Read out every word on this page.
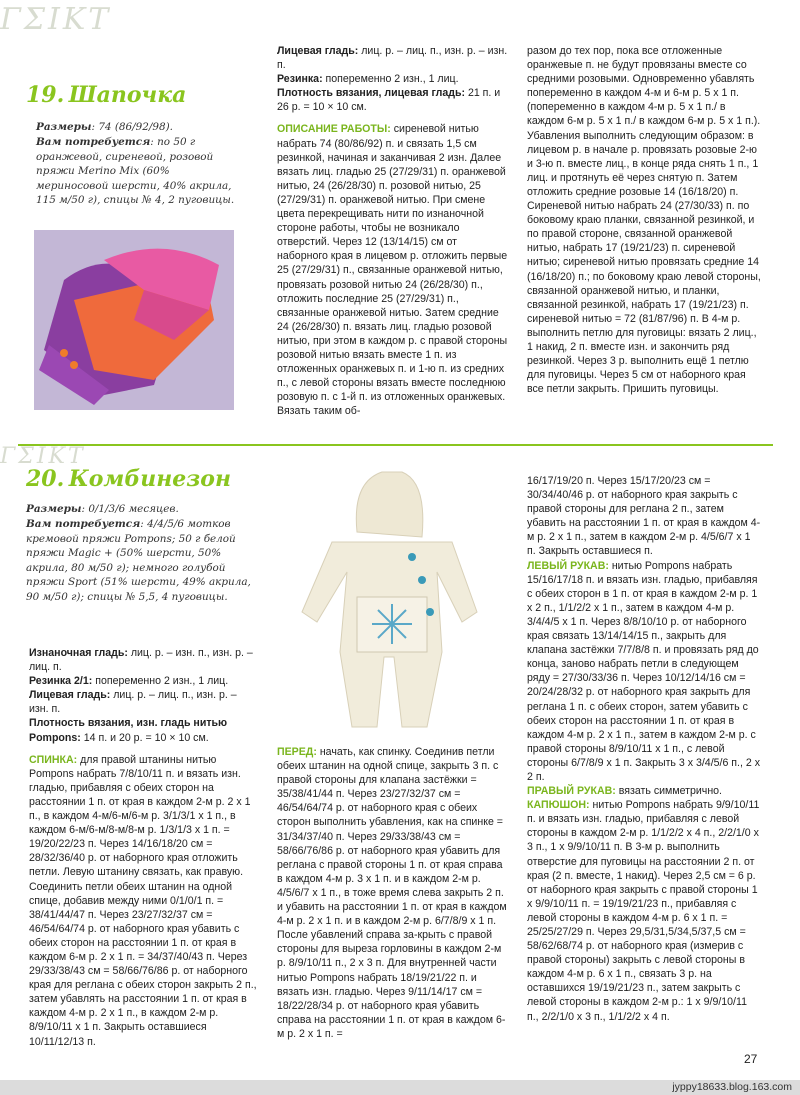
ΓΣΙΚΤ
19. Шапочка

Размеры: 74 (86/92/98).
Вам потребуется: по 50 г оранжевой, сиреневой, розовой пряжи Merino Mix (60% мериносовой шерсти, 40% акрила, 115 м/50 г), спицы № 4, 2 пуговицы.

Лицевая гладь: лиц. р. – лиц. п., изн. р. – изн. п.

Резинка: попеременно 2 изн., 1 лиц.

Плотность вязания, лицевая гладь: 21 п. и 26 р. = 10 × 10 см.

ОПИСАНИЕ РАБОТЫ: сиреневой нитью набрать 74 (80/86/92) п. и связать 1,5 см резинкой, начиная и заканчивая 2 изн. Далее вязать лиц. гладью 25 (27/29/31) п. оранжевой нитью, 24 (26/28/30) п. розовой нитью, 25 (27/29/31) п. оранжевой нитью. При смене цвета перекрещивать нити по изнаночной стороне работы, чтобы не возникало отверстий. Через 12 (13/14/15) см от наборного края в лицевом р. отложить первые 25 (27/29/31) п., связанные оранжевой нитью, провязать розовой нитью 24 (26/28/30) п., отложить последние 25 (27/29/31) п., связанные оранжевой нитью. Затем средние 24 (26/28/30) п. вязать лиц. гладью розовой нитью, при этом в каждом р. с правой стороны розовой нитью вязать вместе 1 п. из отложенных оранжевых п. и 1-ю п. из средних п., с левой стороны вязать вместе последнюю розовую п. с 1-й п. из отложенных оранжевых. Вязать таким об-

разом до тех пор, пока все отложенные оранжевые п. не будут провязаны вместе со средними розовыми. Одновременно убавлять попеременно в каждом 4-м и 6-м р. 5 х 1 п. (попеременно в каждом 4-м р. 5 х 1 п./ в каждом 6-м р. 5 х 1 п./ в каждом 6-м р. 5 х 1 п.). Убавления выполнить следующим образом: в лицевом р. в начале р. провязать розовые 2-ю и 3-ю п. вместе лиц., в конце ряда снять 1 п., 1 лиц. и протянуть её через снятую п. Затем отложить средние розовые 14 (16/18/20) п. Сиреневой нитью набрать 24 (27/30/33) п. по боковому краю планки, связанной резинкой, и по правой стороне, связанной оранжевой нитью, набрать 17 (19/21/23) п. сиреневой нитью; сиреневой нитью провязать средние 14 (16/18/20) п.; по боковому краю левой стороны, связанной оранжевой нитью, и планки, связанной резинкой, набрать 17 (19/21/23) п. сиреневой нитью = 72 (81/87/96) п. В 4-м р. выполнить петлю для пуговицы: вязать 2 лиц., 1 накид, 2 п. вместе изн. и закончить ряд резинкой. Через 3 р. выполнить ещё 1 петлю для пуговицы. Через 5 см от наборного края все петли закрыть. Пришить пуговицы.

ΓΣΙΚΤ
20. Комбинезон

Размеры: 0/1/3/6 месяцев.
Вам потребуется: 4/4/5/6 мотков кремовой пряжи Pompons; 50 г белой пряжи Magic + (50% шерсти, 50% акрила, 80 м/50 г); немного голубой пряжи Sport (51% шерсти, 49% акрила, 90 м/50 г); спицы № 5,5, 4 пуговицы.

Изнаночная гладь: лиц. р. – изн. п., изн. р. – лиц. п.

Резинка 2/1: попеременно 2 изн., 1 лиц.

Лицевая гладь: лиц. р. – лиц. п., изн. р. – изн. п.

Плотность вязания, изн. гладь нитью Pompons: 14 п. и 20 р. = 10 × 10 см.

СПИНКА: для правой штанины нитью Pompons набрать 7/8/10/11 п. и вязать изн. гладью, прибавляя с обеих сторон на расстоянии 1 п. от края в каждом 2-м р. 2 х 1 п., в каждом 4-м/6-м/6-м р. 3/1/3/1 х 1 п., в каждом 6-м/6-м/8-м/8-м р. 1/3/1/3 х 1 п. = 19/20/22/23 п. Через 14/16/18/20 см = 28/32/36/40 р. от наборного края отложить петли. Левую штанину связать, как правую. Соединить петли обеих штанин на одной спице, добавив между ними 0/1/0/1 п. = 38/41/44/47 п. Через 23/27/32/37 см = 46/54/64/74 р. от наборного края убавить с обеих сторон на расстоянии 1 п. от края в каждом 6-м р. 2 х 1 п. = 34/37/40/43 п. Через 29/33/38/43 см = 58/66/76/86 р. от наборного края для реглана с обеих сторон закрыть 2 п., затем убавлять на расстоянии 1 п. от края в каждом 4-м р. 2 х 1 п., в каждом 2-м р. 8/9/10/11 х 1 п. Закрыть оставшиеся 10/11/12/13 п.

ПЕРЕД: начать, как спинку. Соединив петли обеих штанин на одной спице, закрыть 3 п. с правой стороны для клапана застёжки = 35/38/41/44 п. Через 23/27/32/37 см = 46/54/64/74 р. от наборного края с обеих сторон выполнить убавления, как на спинке = 31/34/37/40 п. Через 29/33/38/43 см = 58/66/76/86 р. от наборного края убавить для реглана с правой стороны 1 п. от края справа в каждом 4-м р. 3 х 1 п. и в каждом 2-м р. 4/5/6/7 х 1 п., в тоже время слева закрыть 2 п. и убавить на расстоянии 1 п. от края в каждом 4-м р. 2 х 1 п. и в каждом 2-м р. 6/7/8/9 х 1 п. После убавлений справа за-крыть с правой стороны для выреза горловины в каждом 2-м р. 8/9/10/11 п., 2 х 3 п. Для внутренней части нитью Pompons набрать 18/19/21/22 п. и вязать изн. гладью. Через 9/11/14/17 см = 18/22/28/34 р. от наборного края убавить справа на расстоянии 1 п. от края в каждом 6-м р. 2 х 1 п. =

16/17/19/20 п. Через 15/17/20/23 см = 30/34/40/46 р. от наборного края закрыть с правой стороны для реглана 2 п., затем убавить на расстоянии 1 п. от края в каждом 4-м р. 2 х 1 п., затем в каждом 2-м р. 4/5/6/7 х 1 п. Закрыть оставшиеся п.

ЛЕВЫЙ РУКАВ: нитью Pompons набрать 15/16/17/18 п. и вязать изн. гладью, прибавляя с обеих сторон в 1 п. от края в каждом 2-м р. 1 х 2 п., 1/1/2/2 х 1 п., затем в каждом 4-м р. 3/4/4/5 х 1 п. Через 8/8/10/10 р. от наборного края связать 13/14/14/15 п., закрыть для клапана застёжки 7/7/8/8 п. и провязать ряд до конца, заново набрать петли в следующем ряду = 27/30/33/36 п. Через 10/12/14/16 см = 20/24/28/32 р. от наборного края закрыть для реглана 1 п. с обеих сторон, затем убавить с обеих сторон на расстоянии 1 п. от края в каждом 4-м р. 2 х 1 п., затем в каждом 2-м р. с правой стороны 8/9/10/11 х 1 п., с левой стороны 6/7/8/9 х 1 п. Закрыть 3 х 3/4/5/6 п., 2 х 2 п.

ПРАВЫЙ РУКАВ: вязать симметрично.

КАПЮШОН: нитью Pompons набрать 9/9/10/11 п. и вязать изн. гладью, прибавляя с левой стороны в каждом 2-м р. 1/1/2/2 х 4 п., 2/2/1/0 х 3 п., 1 х 9/9/10/11 п. В 3-м р. выполнить отверстие для пуговицы на расстоянии 2 п. от края (2 п. вместе, 1 накид). Через 2,5 см = 6 р. от наборного края закрыть с правой стороны 1 х 9/9/10/11 п. = 19/19/21/23 п., прибавляя с левой стороны в каждом 4-м р. 6 х 1 п. = 25/25/27/29 п. Через 29,5/31,5/34,5/37,5 см = 58/62/68/74 р. от наборного края (измерив с правой стороны) закрыть с левой стороны в каждом 4-м р. 6 х 1 п., связать 3 р. на оставшихся 19/19/21/23 п., затем закрыть с левой стороны в каждом 2-м р.: 1 х 9/9/10/11 п., 2/2/1/0 х 3 п., 1/1/2/2 х 4 п.

27
jyppy18633.blog.163.com
